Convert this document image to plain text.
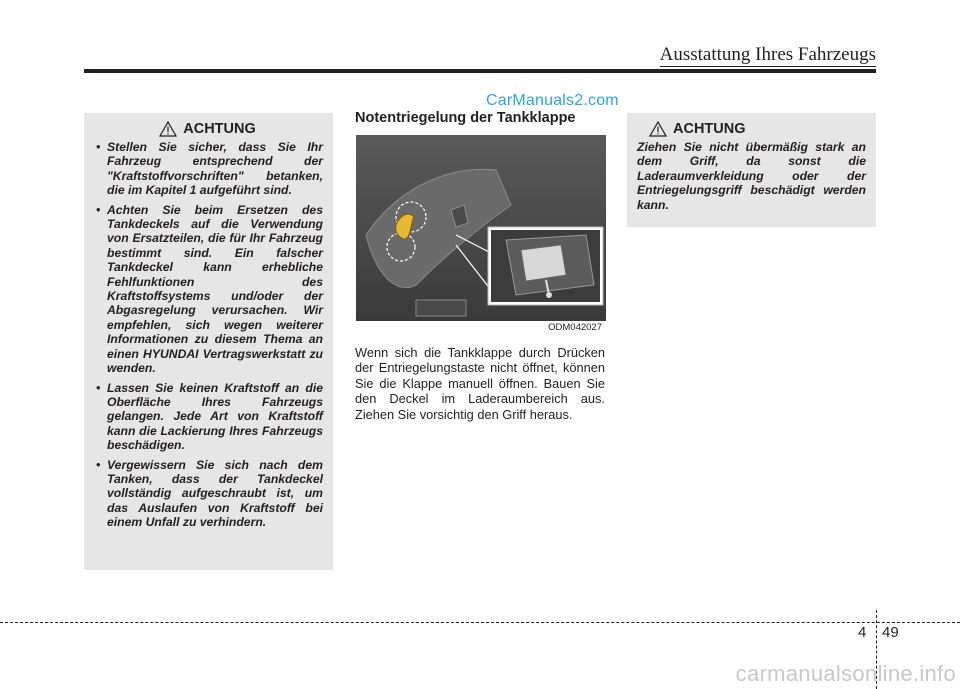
Ausstattung Ihres Fahrzeugs
CarManuals2.com
ACHTUNG
• Stellen Sie sicher, dass Sie Ihr Fahrzeug entsprechend der "Kraftstoffvorschriften" betanken, die im Kapitel 1 aufgeführt sind.
• Achten Sie beim Ersetzen des Tankdeckels auf die Verwendung von Ersatzteilen, die für Ihr Fahrzeug bestimmt sind. Ein falscher Tankdeckel kann erhebliche Fehlfunktionen des Kraftstoffsystems und/oder der Abgasregelung verursachen. Wir empfehlen, sich wegen weiterer Informationen zu diesem Thema an einen HYUNDAI Vertragswerkstatt zu wenden.
• Lassen Sie keinen Kraftstoff an die Oberfläche Ihres Fahrzeugs gelangen. Jede Art von Kraftstoff kann die Lackierung Ihres Fahrzeugs beschädigen.
• Vergewissern Sie sich nach dem Tanken, dass der Tankdeckel vollständig aufgeschraubt ist, um das Auslaufen von Kraftstoff bei einem Unfall zu verhindern.
Notentriegelung der Tankklappe
ODM042027
Wenn sich die Tankklappe durch Drücken der Entriegelungstaste nicht öffnet, können Sie die Klappe manuell öffnen. Bauen Sie den Deckel im Laderaumbereich aus. Ziehen Sie vorsichtig den Griff heraus.
ACHTUNG
Ziehen Sie nicht übermäßig stark an dem Griff, da sonst die Laderaumverkleidung oder der Entriegelungsgriff beschädigt werden kann.
4 49
carmanualsonline.info
